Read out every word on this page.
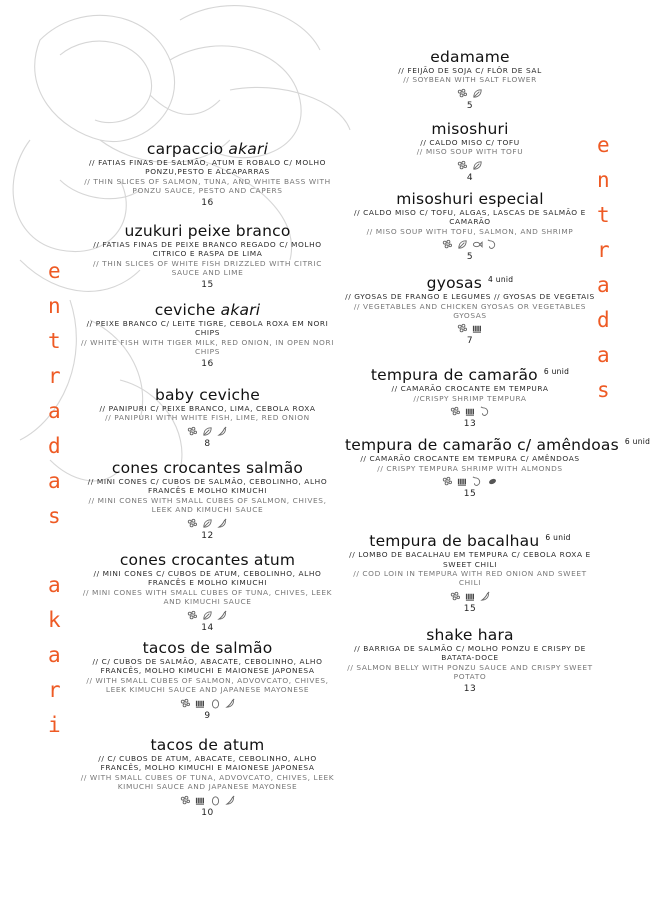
e
n
t
r
a
d
a
s
a
k
a
r
i
e
n
t
r
a
d
a
s
carpaccio akari
// FATIAS FINAS DE SALMÃO, ATUM E ROBALO C/ MOLHO PONZU,PESTO E ALCAPARRAS
// THIN SLICES OF SALMON, TUNA, AND WHITE BASS WITH PONZU SAUCE, PESTO AND CAPERS
16
uzukuri peixe branco
// FATIAS FINAS DE PEIXE BRANCO REGADO C/ MOLHO CITRICO E RASPA DE LIMA
// THIN SLICES OF WHITE FISH DRIZZLED WITH CITRIC SAUCE AND LIME
15
ceviche akari
// PEIXE BRANCO C/ LEITE TIGRE, CEBOLA ROXA EM NORI CHIPS
// WHITE FISH WITH TIGER MILK, RED ONION, IN OPEN NORI CHIPS
16
baby ceviche
// PANIPURI C/ PEIXE BRANCO, LIMA, CEBOLA ROXA
// PANIPURI WITH WHITE FISH, LIME, RED ONION
8
cones crocantes salmão
// MINI CONES C/ CUBOS DE SALMÃO, CEBOLINHO, ALHO FRANCÊS E MOLHO KIMUCHI
// MINI CONES WITH SMALL CUBES OF SALMON, CHIVES, LEEK AND KIMUCHI SAUCE
12
cones crocantes atum
// MINI CONES C/ CUBOS DE ATUM, CEBOLINHO, ALHO FRANCÊS E MOLHO KIMUCHI
// MINI CONES WITH SMALL CUBES OF TUNA, CHIVES, LEEK AND KIMUCHI SAUCE
14
tacos de salmão
// C/ CUBOS DE SALMÃO, ABACATE, CEBOLINHO, ALHO FRANCÊS, MOLHO KIMUCHI E MAIONESE JAPONESA
// WITH SMALL CUBES OF SALMON, ADVOVCATO, CHIVES, LEEK KIMUCHI SAUCE AND JAPANESE MAYONESE
9
tacos de atum
// C/ CUBOS DE ATUM, ABACATE, CEBOLINHO, ALHO FRANCÊS, MOLHO KIMUCHI E MAIONESE JAPONESA
// WITH SMALL CUBES OF TUNA, ADVOVCATO, CHIVES, LEEK KIMUCHI SAUCE AND JAPANESE MAYONESE
10
edamame
// FEIJÃO DE SOJA C/ FLÔR DE SAL
// SOYBEAN WITH SALT FLOWER
5
misoshuri
// CALDO MISO C/ TOFU
// MISO SOUP WITH TOFU
4
misoshuri especial
// CALDO MISO C/ TOFU, ALGAS, LASCAS DE SALMÃO E CAMARÃO
// MISO SOUP WITH TOFU, SALMON, AND SHRIMP
5
gyosas $^{4 unid}$
// GYOSAS DE FRANGO E LEGUMES // GYOSAS DE VEGETAIS
// VEGETABLES AND CHICKEN GYOSAS OR VEGETABLES GYOSAS
7
tempura de camarão $^{6 unid}$
// CAMARÃO CROCANTE EM TEMPURA
//CRISPY SHRIMP TEMPURA
13
tempura de camarão c/ amêndoas $^{6 unid}$
// CAMARÃO CROCANTE EM TEMPURA C/ AMÊNDOAS
// CRISPY TEMPURA SHRIMP WITH ALMONDS
15
tempura de bacalhau $^{6 unid}$
// LOMBO DE BACALHAU EM TEMPURA C/ CEBOLA ROXA E SWEET CHILI
// COD LOIN IN TEMPURA WITH RED ONION AND SWEET CHILI
15
shake hara
// BARRIGA DE SALMÃO C/ MOLHO PONZU E CRISPY DE BATATA-DOCE
// SALMON BELLY WITH PONZU SAUCE AND CRISPY SWEET POTATO
13
